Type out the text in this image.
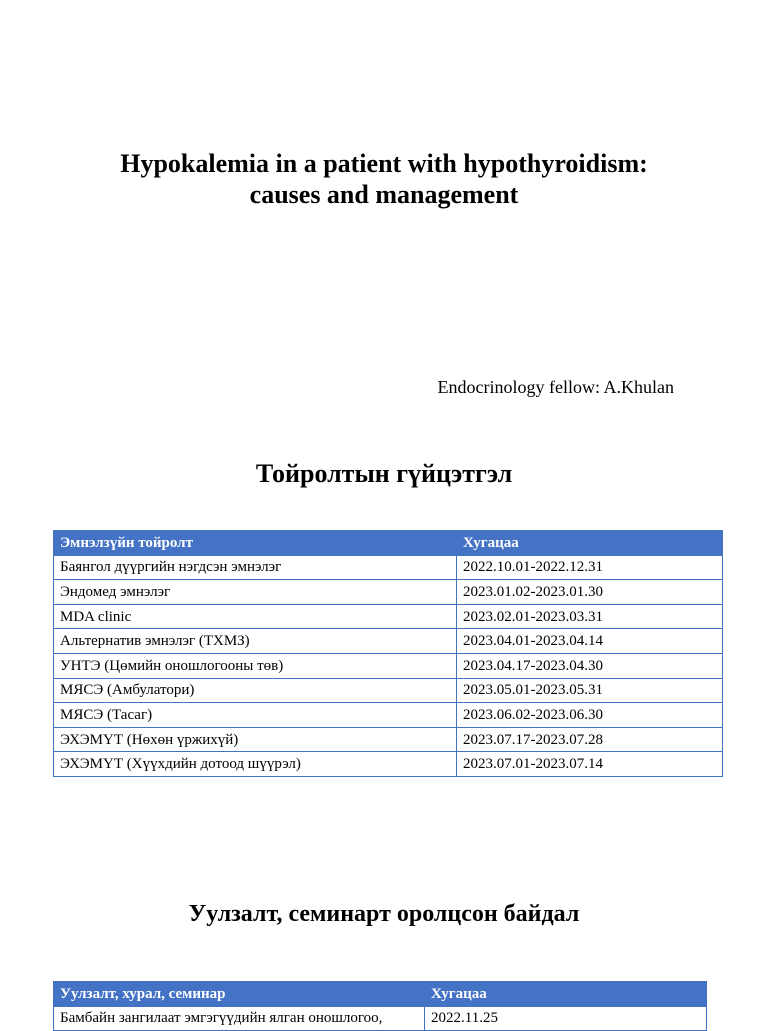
Hypokalemia in a patient with hypothyroidism:
causes and management

Endocrinology fellow: A.Khulan

Тойролтын гүйцэтгэл
Эмнэлзүйн тойролт	Хугацаа
Баянгол дүүргийн нэгдсэн эмнэлэг	2022.10.01-2022.12.31
Эндомед эмнэлэг	2023.01.02-2023.01.30
MDA clinic	2023.02.01-2023.03.31
Альтернатив эмнэлэг (ТХМЗ)	2023.04.01-2023.04.14
УНТЭ (Цөмийн оношлогооны төв)	2023.04.17-2023.04.30
МЯСЭ (Амбулатори)	2023.05.01-2023.05.31
МЯСЭ (Тасаг)	2023.06.02-2023.06.30
ЭХЭМҮТ (Нөхөн үржихүй)	2023.07.17-2023.07.28
ЭХЭМҮТ (Хүүхдийн дотоод шүүрэл)	2023.07.01-2023.07.14
Уулзалт, семинарт оролцсон байдал
Уулзалт, хурал, семинар	Хугацаа
Бамбайн зангилаат эмгэгүүдийн ялган оношлогоо,	2022.11.25
